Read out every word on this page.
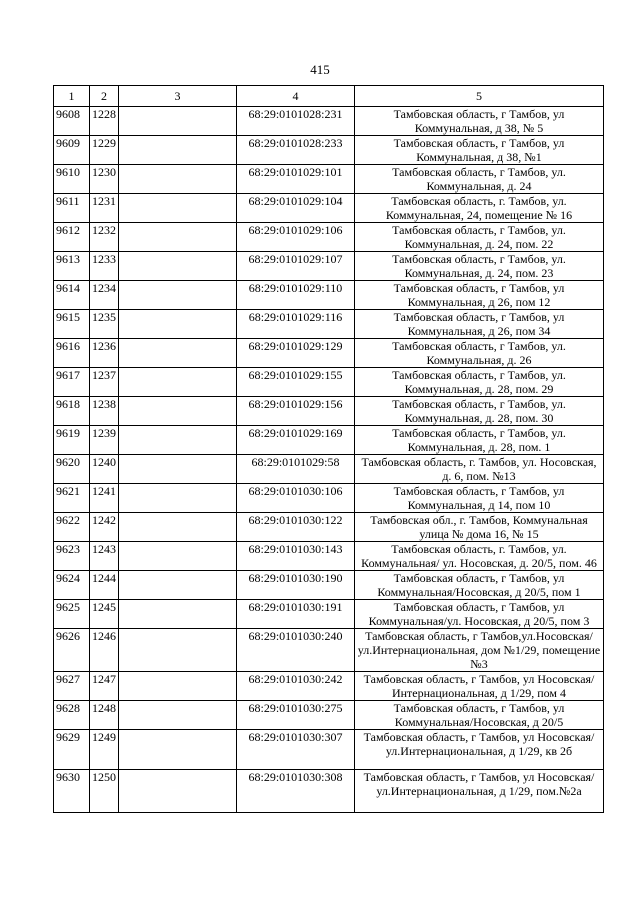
415
1	2	3	4	5
9608	1228		68:29:0101028:231	Тамбовская область, г Тамбов, ул Коммунальная, д 38, № 5
9609	1229		68:29:0101028:233	Тамбовская область, г Тамбов, ул Коммунальная, д 38, №1
9610	1230		68:29:0101029:101	Тамбовская область, г Тамбов, ул. Коммунальная, д. 24
9611	1231		68:29:0101029:104	Тамбовская область, г. Тамбов, ул. Коммунальная, 24, помещение № 16
9612	1232		68:29:0101029:106	Тамбовская область, г Тамбов, ул. Коммунальная, д. 24, пом. 22
9613	1233		68:29:0101029:107	Тамбовская область, г Тамбов, ул. Коммунальная, д. 24, пом. 23
9614	1234		68:29:0101029:110	Тамбовская область, г Тамбов, ул Коммунальная, д 26, пом 12
9615	1235		68:29:0101029:116	Тамбовская область, г Тамбов, ул Коммунальная, д 26, пом 34
9616	1236		68:29:0101029:129	Тамбовская область, г Тамбов, ул. Коммунальная, д. 26
9617	1237		68:29:0101029:155	Тамбовская область, г Тамбов, ул. Коммунальная, д. 28, пом. 29
9618	1238		68:29:0101029:156	Тамбовская область, г Тамбов, ул. Коммунальная, д. 28, пом. 30
9619	1239		68:29:0101029:169	Тамбовская область, г Тамбов, ул. Коммунальная, д. 28, пом. 1
9620	1240		68:29:0101029:58	Тамбовская область, г. Тамбов, ул. Носовская, д. 6, пом. №13
9621	1241		68:29:0101030:106	Тамбовская область, г Тамбов, ул Коммунальная, д 14, пом 10
9622	1242		68:29:0101030:122	Тамбовская обл., г. Тамбов, Коммунальная улица № дома 16, № 15
9623	1243		68:29:0101030:143	Тамбовская область, г. Тамбов, ул. Коммунальная/ ул. Носовская, д. 20/5, пом. 46
9624	1244		68:29:0101030:190	Тамбовская область, г Тамбов, ул Коммунальная/Носовская, д 20/5, пом 1
9625	1245		68:29:0101030:191	Тамбовская область, г Тамбов, ул Коммунальная/ул. Носовская, д 20/5, пом 3
9626	1246		68:29:0101030:240	Тамбовская область, г Тамбов,ул.Носовская/ул.Интернациональная, дом №1/29, помещение №3
9627	1247		68:29:0101030:242	Тамбовская область, г Тамбов, ул Носовская/Интернациональная, д 1/29, пом 4
9628	1248		68:29:0101030:275	Тамбовская область, г Тамбов, ул Коммунальная/Носовская, д 20/5
9629	1249		68:29:0101030:307	Тамбовская область, г Тамбов, ул Носовская/ул.Интернациональная, д 1/29, кв 2б
9630	1250		68:29:0101030:308	Тамбовская область, г Тамбов, ул Носовская/ул.Интернациональная, д 1/29, пом.№2а
